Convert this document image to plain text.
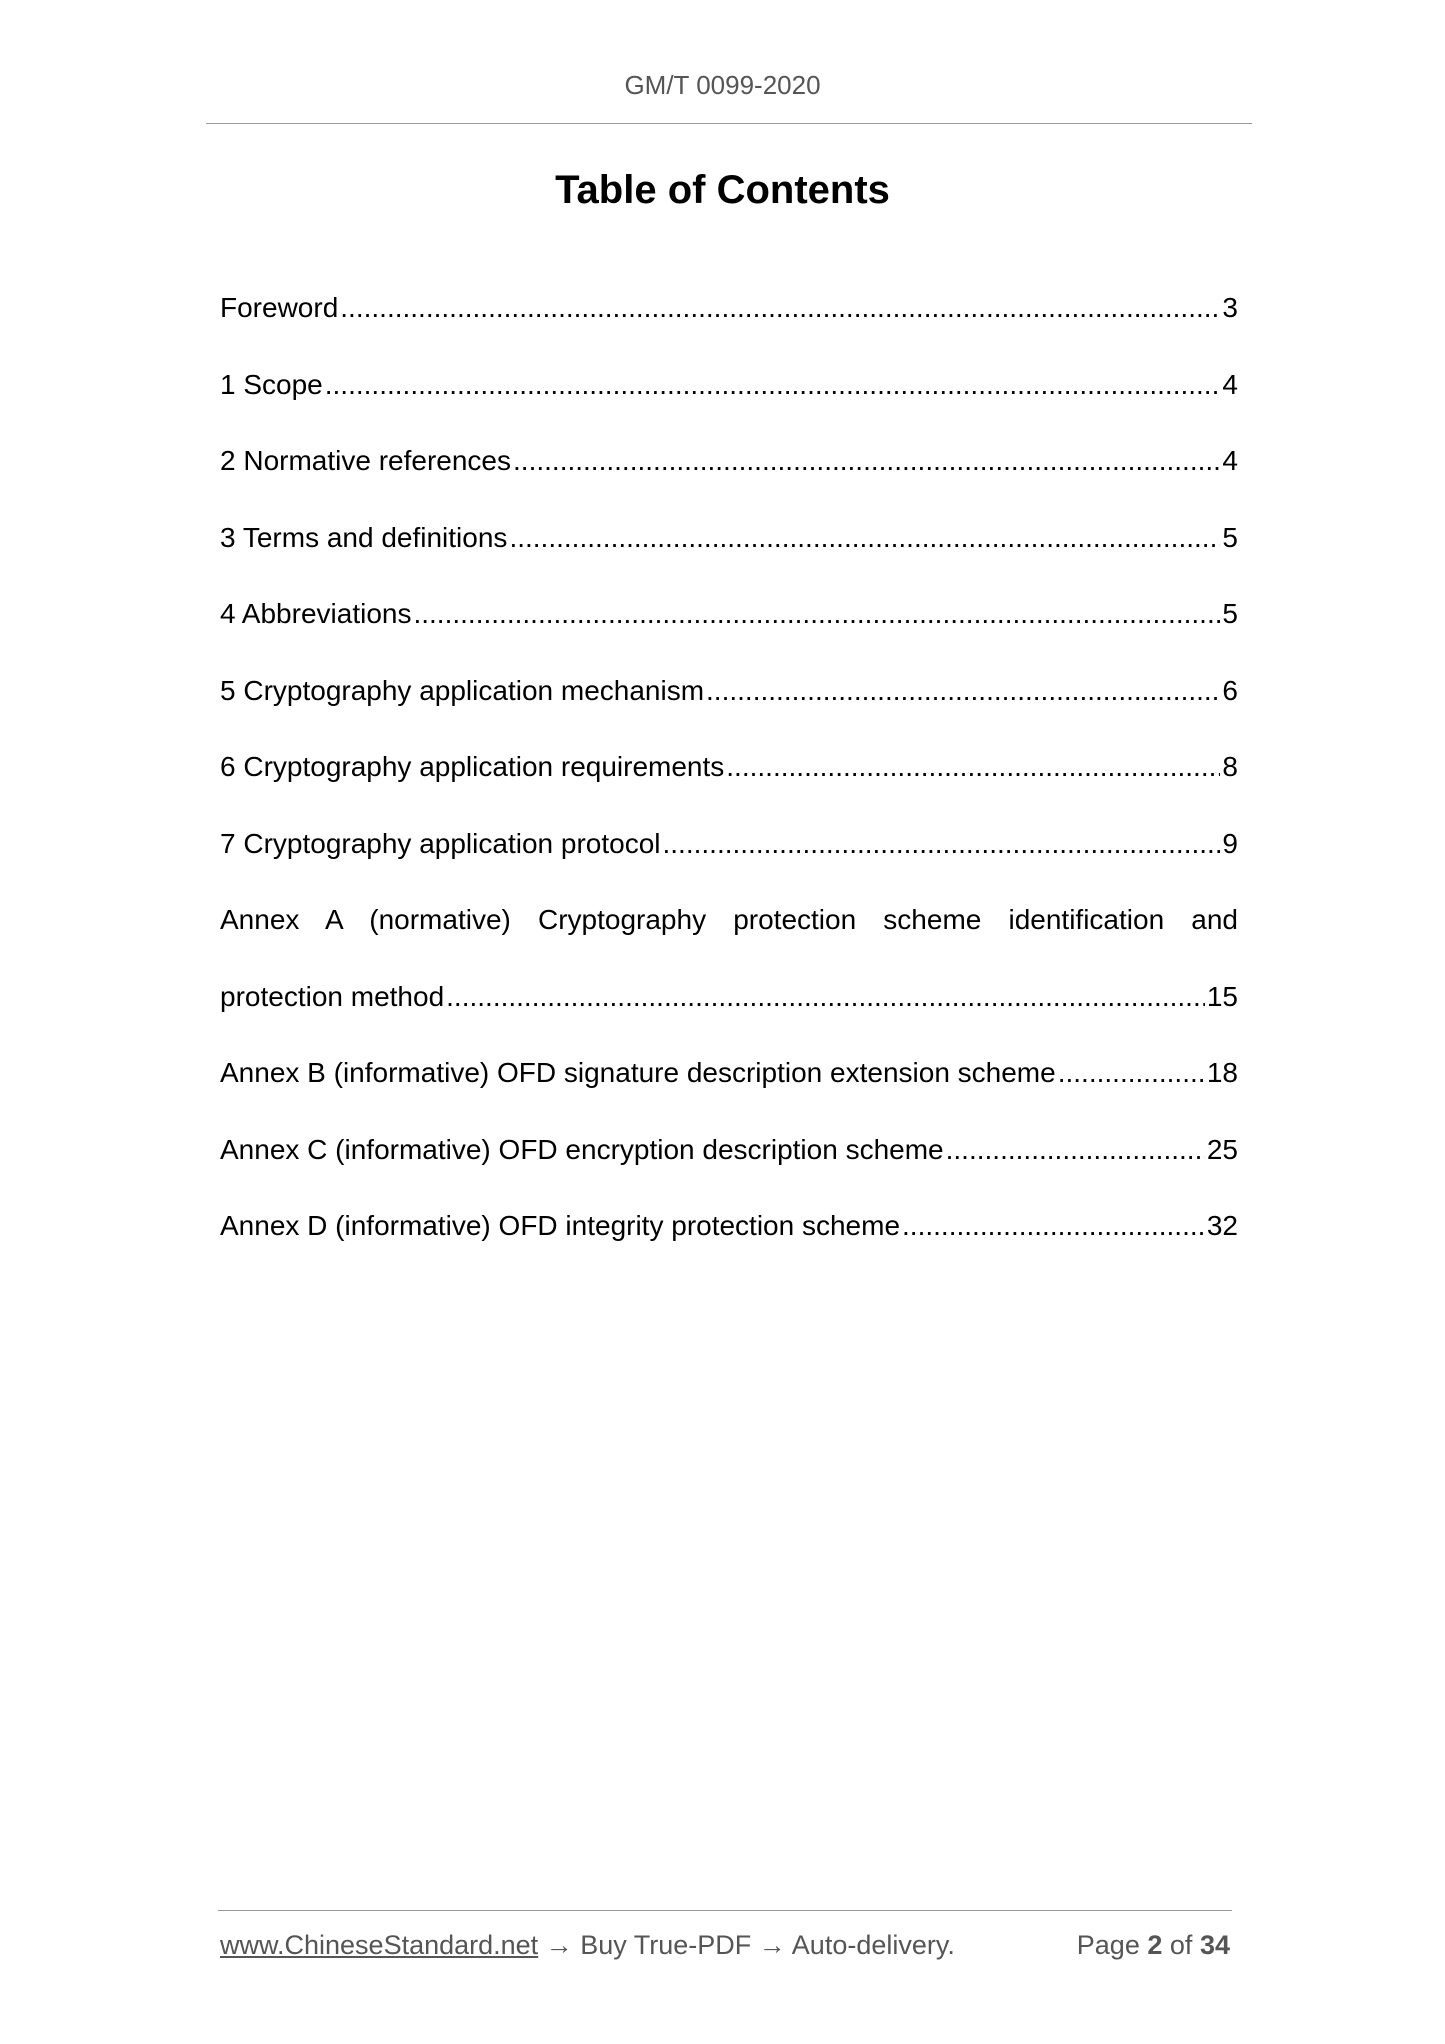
GM/T 0099-2020
Table of Contents
Foreword .....	3
1 Scope .....	4
2 Normative references .....	4
3 Terms and definitions .....	5
4 Abbreviations .....	5
5 Cryptography application mechanism .....	6
6 Cryptography application requirements .....	8
7 Cryptography application protocol .....	9
Annex A (normative) Cryptography protection scheme identification and
protection method .....	15
Annex B (informative) OFD signature description extension scheme .....	18
Annex C (informative) OFD encryption description scheme .....	25
Annex D (informative) OFD integrity protection scheme .....	32
www.ChineseStandard.net → Buy True-PDF → Auto-delivery.	Page 2 of 34
